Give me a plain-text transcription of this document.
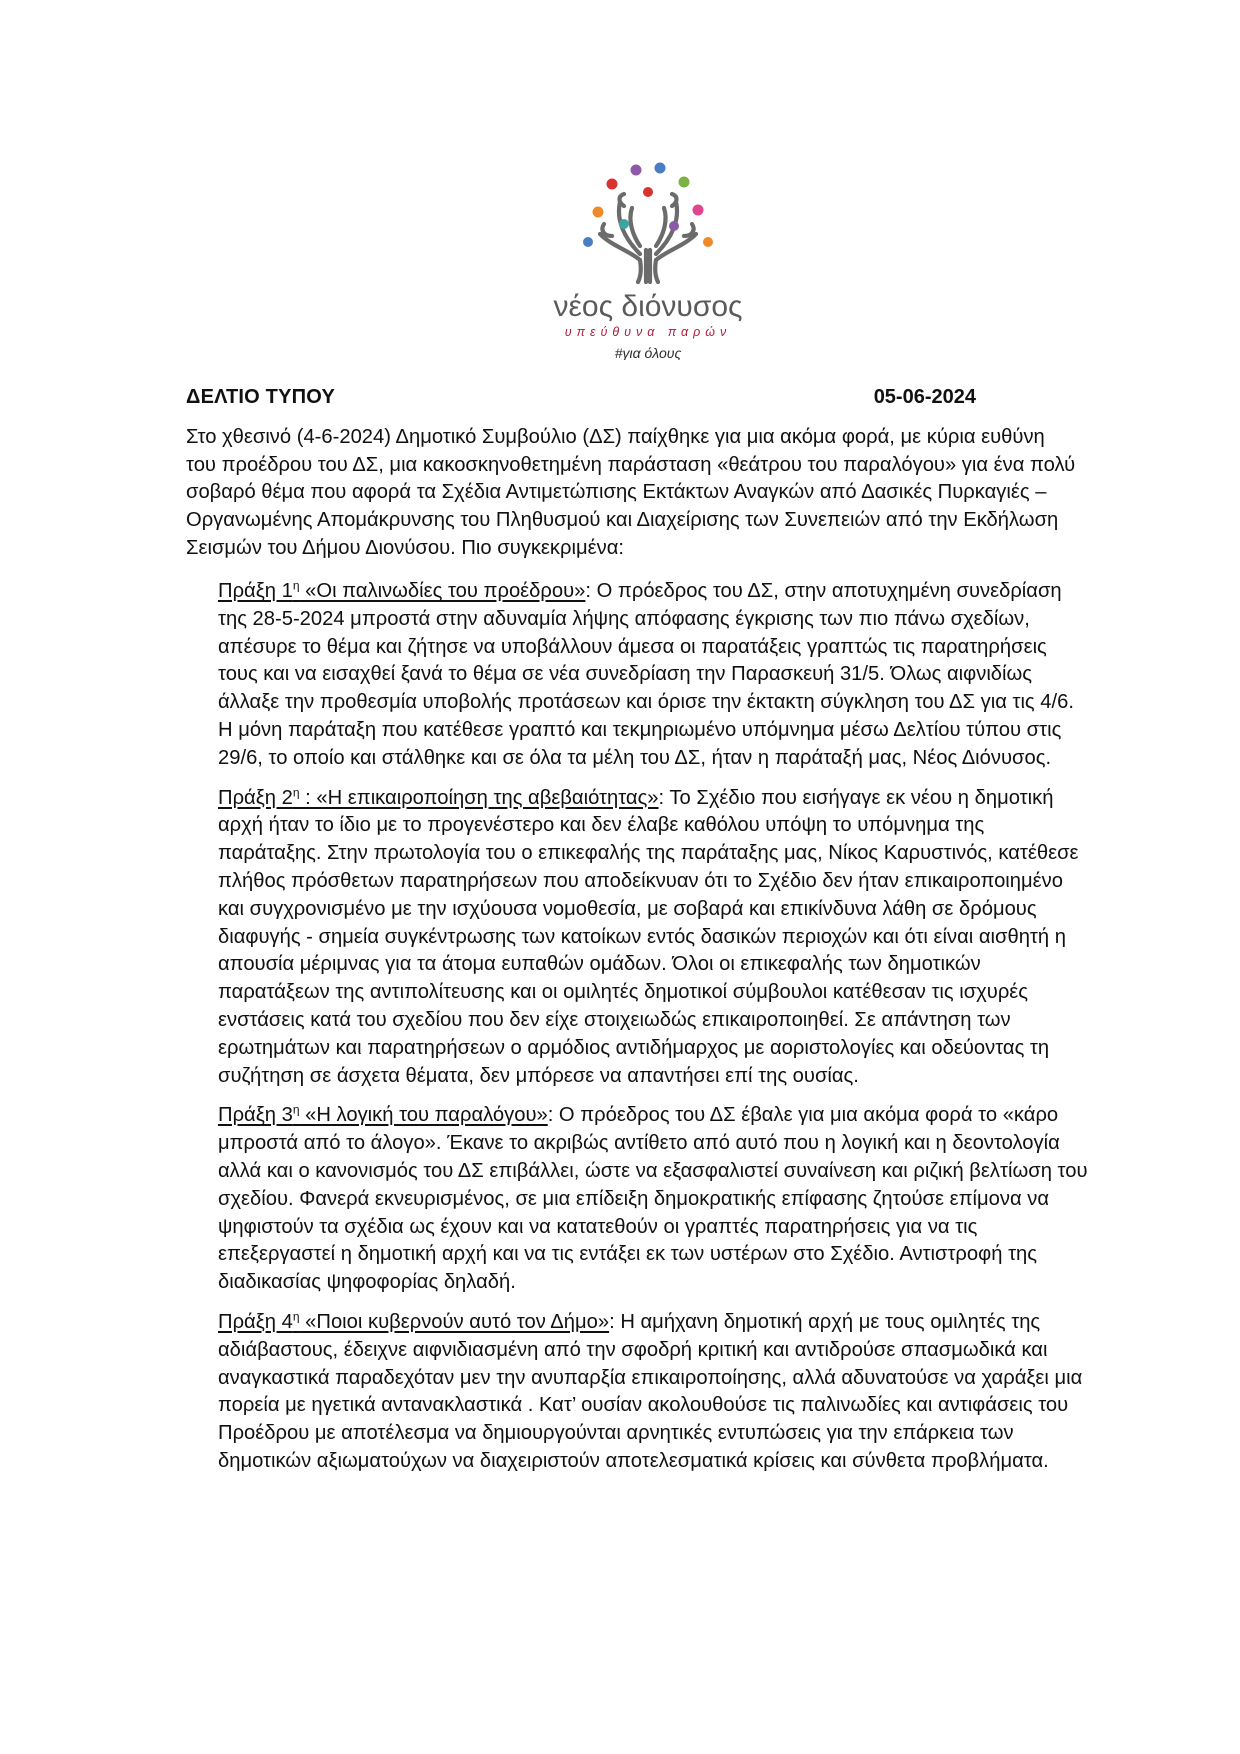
νέος διόνυσος
υπεύθυνα παρών
#για όλους
ΔΕΛΤΙΟ ΤΥΠΟΥ	05-06-2024

Στο χθεσινό (4-6-2024) Δημοτικό Συμβούλιο (ΔΣ) παίχθηκε για μια ακόμα φορά, με κύρια ευθύνη του προέδρου του ΔΣ, μια κακοσκηνοθετημένη παράσταση «θεάτρου του παραλόγου» για ένα πολύ σοβαρό θέμα που αφορά τα Σχέδια Αντιμετώπισης Εκτάκτων Αναγκών από Δασικές Πυρκαγιές – Οργανωμένης Απομάκρυνσης του Πληθυσμού και Διαχείρισης των Συνεπειών από την Εκδήλωση Σεισμών του Δήμου Διονύσου. Πιο συγκεκριμένα:

Πράξη $1^\eta$ «Οι παλινωδίες του προέδρου»: Ο πρόεδρος του ΔΣ, στην αποτυχημένη συνεδρίαση της 28-5-2024 μπροστά στην αδυναμία λήψης απόφασης έγκρισης των πιο πάνω σχεδίων, απέσυρε το θέμα και ζήτησε να υποβάλλουν άμεσα οι παρατάξεις γραπτώς τις παρατηρήσεις τους και να εισαχθεί ξανά το θέμα σε νέα συνεδρίαση την Παρασκευή 31/5. Όλως αιφνιδίως άλλαξε την προθεσμία υποβολής προτάσεων και όρισε την έκτακτη σύγκληση του ΔΣ για τις 4/6. Η μόνη παράταξη που κατέθεσε γραπτό και τεκμηριωμένο υπόμνημα μέσω Δελτίου τύπου στις 29/6, το οποίο και στάλθηκε και σε όλα τα μέλη του ΔΣ, ήταν η παράταξή μας, Νέος Διόνυσος.

Πράξη $2^\eta$ : «Η επικαιροποίηση της αβεβαιότητας»: Το Σχέδιο που εισήγαγε εκ νέου η δημοτική αρχή ήταν το ίδιο με το προγενέστερο και δεν έλαβε καθόλου υπόψη το υπόμνημα της παράταξης. Στην πρωτολογία του ο επικεφαλής της παράταξης μας, Νίκος Καρυστινός, κατέθεσε πλήθος πρόσθετων παρατηρήσεων που αποδείκνυαν ότι το Σχέδιο δεν ήταν επικαιροποιημένο και συγχρονισμένο με την ισχύουσα νομοθεσία, με σοβαρά και επικίνδυνα λάθη σε δρόμους διαφυγής - σημεία συγκέντρωσης των κατοίκων εντός δασικών περιοχών και ότι είναι αισθητή η απουσία μέριμνας για τα άτομα ευπαθών ομάδων. Όλοι οι επικεφαλής των δημοτικών παρατάξεων της αντιπολίτευσης και οι ομιλητές δημοτικοί σύμβουλοι κατέθεσαν τις ισχυρές ενστάσεις κατά του σχεδίου που δεν είχε στοιχειωδώς επικαιροποιηθεί. Σε απάντηση των ερωτημάτων και παρατηρήσεων ο αρμόδιος αντιδήμαρχος με αοριστολογίες και οδεύοντας τη συζήτηση σε άσχετα θέματα, δεν μπόρεσε να απαντήσει επί της ουσίας.

Πράξη $3^\eta$ «Η λογική του παραλόγου»: Ο πρόεδρος του ΔΣ έβαλε για μια ακόμα φορά το «κάρο μπροστά από το άλογο». Έκανε το ακριβώς αντίθετο από αυτό που η λογική και η δεοντολογία αλλά και ο κανονισμός του ΔΣ επιβάλλει, ώστε να εξασφαλιστεί συναίνεση και ριζική βελτίωση του σχεδίου. Φανερά εκνευρισμένος, σε μια επίδειξη δημοκρατικής επίφασης ζητούσε επίμονα να ψηφιστούν τα σχέδια ως έχουν και να κατατεθούν οι γραπτές παρατηρήσεις για να τις επεξεργαστεί η δημοτική αρχή και να τις εντάξει εκ των υστέρων στο Σχέδιο. Αντιστροφή της διαδικασίας ψηφοφορίας δηλαδή.

Πράξη $4^\eta$ «Ποιοι κυβερνούν αυτό τον Δήμο»: Η αμήχανη δημοτική αρχή με τους ομιλητές της αδιάβαστους, έδειχνε αιφνιδιασμένη από την σφοδρή κριτική και αντιδρούσε σπασμωδικά και αναγκαστικά παραδεχόταν μεν την ανυπαρξία επικαιροποίησης, αλλά αδυνατούσε να χαράξει μια πορεία με ηγετικά αντανακλαστικά . Κατ’ ουσίαν ακολουθούσε τις παλινωδίες και αντιφάσεις του Προέδρου με αποτέλεσμα να δημιουργούνται αρνητικές εντυπώσεις για την επάρκεια των δημοτικών αξιωματούχων να διαχειριστούν αποτελεσματικά κρίσεις και σύνθετα προβλήματα.
